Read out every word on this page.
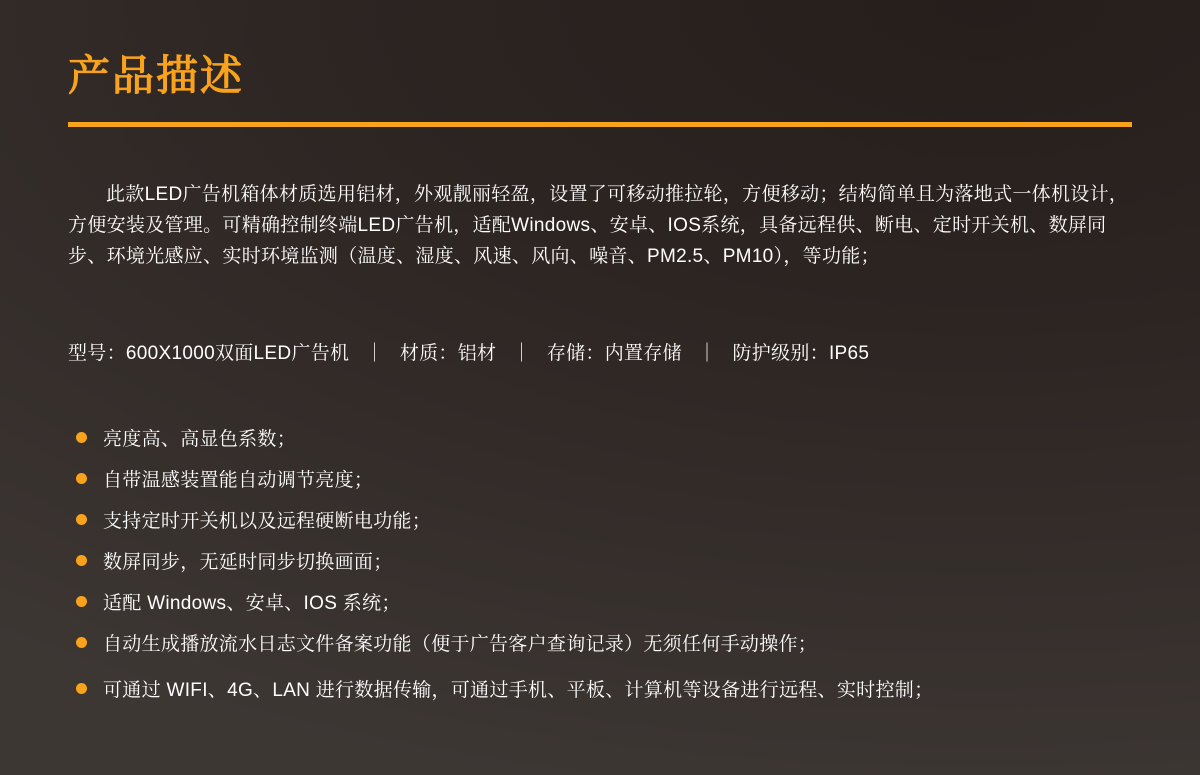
产品描述

此款LED广告机箱体材质选用铝材，外观靓丽轻盈，设置了可移动推拉轮，方便移动；结构简单且为落地式一体机设计，方便安装及管理。可精确控制终端LED广告机，适配Windows、安卓、IOS系统，具备远程供、断电、定时开关机、数屏同步、环境光感应、实时环境监测（温度、湿度、风速、风向、噪音、PM2.5、PM10），等功能；

型号：600X1000双面LED广告机 ｜ 材质：铝材 ｜ 存储：内置存储 ｜ 防护级别：IP65
亮度高、高显色系数；
自带温感装置能自动调节亮度；
支持定时开关机以及远程硬断电功能；
数屏同步，无延时同步切换画面；
适配 Windows、安卓、IOS 系统；
自动生成播放流水日志文件备案功能（便于广告客户查询记录）无须任何手动操作；
可通过 WIFI、4G、LAN 进行数据传输，可通过手机、平板、计算机等设备进行远程、实时控制；
